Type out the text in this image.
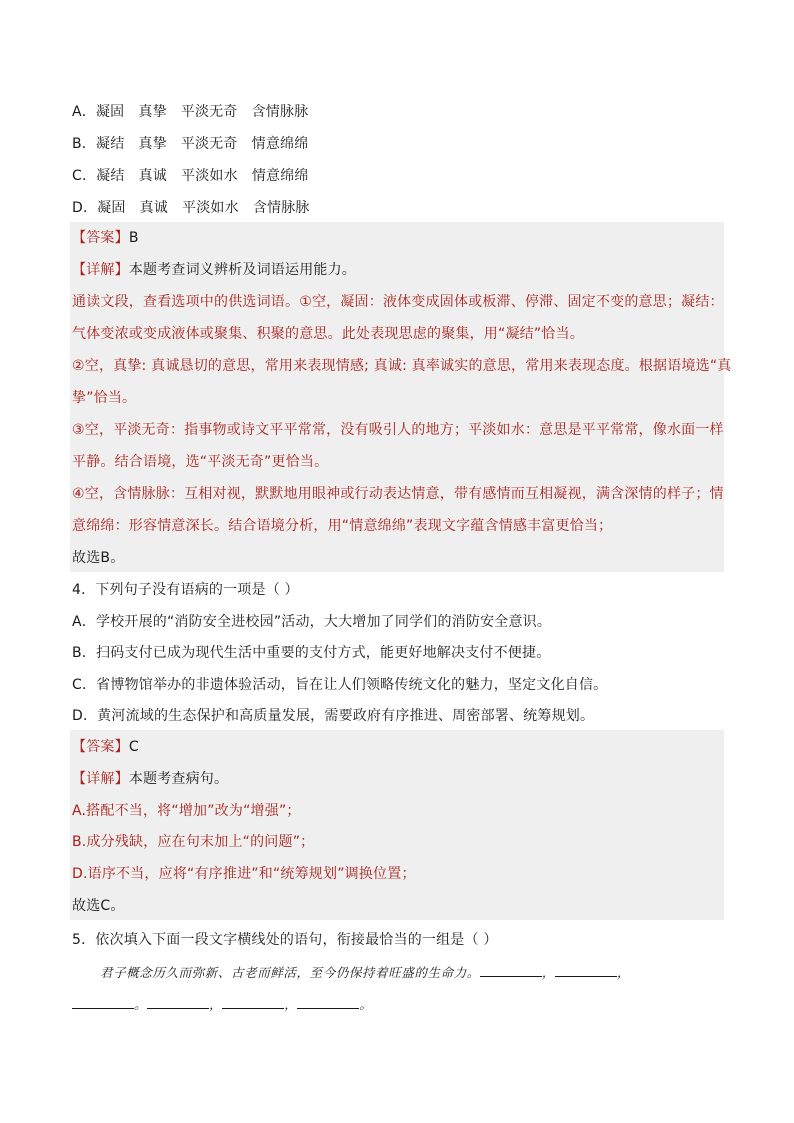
A．凝固 真挚 平淡无奇 含情脉脉
B．凝结 真挚 平淡无奇 情意绵绵
C．凝结 真诚 平淡如水 情意绵绵
D．凝固 真诚 平淡如水 含情脉脉
【答案】B
【详解】本题考查词义辨析及词语运用能力。
通读文段，查看选项中的供选词语。①空，凝固：液体变成固体或板滞、停滞、固定不变的意思；凝结：
气体变浓或变成液体或聚集、积聚的意思。此处表现思虑的聚集，用“凝结”恰当。
②空，真挚: 真诚恳切的意思，常用来表现情感; 真诚: 真率诚实的意思，常用来表现态度。根据语境选“真
挚”恰当。
③空，平淡无奇：指事物或诗文平平常常，没有吸引人的地方；平淡如水：意思是平平常常，像水面一样
平静。结合语境，选“平淡无奇”更恰当。
④空，含情脉脉：互相对视，默默地用眼神或行动表达情意，带有感情而互相凝视，满含深情的样子；情
意绵绵：形容情意深长。结合语境分析，用“情意绵绵”表现文字蕴含情感丰富更恰当；
故选B。
4．下列句子没有语病的一项是（ ）
A．学校开展的“消防安全进校园”活动，大大增加了同学们的消防安全意识。
B．扫码支付已成为现代生活中重要的支付方式，能更好地解决支付不便捷。
C．省博物馆举办的非遗体验活动，旨在让人们领略传统文化的魅力，坚定文化自信。
D．黄河流域的生态保护和高质量发展，需要政府有序推进、周密部署、统筹规划。
【答案】C
【详解】本题考查病句。
A.搭配不当，将“增加”改为“增强”；
B.成分残缺，应在句末加上“的问题”；
D.语序不当，应将“有序推进”和“统筹规划”调换位置；
故选C。
5．依次填入下面一段文字横线处的语句，衔接最恰当的一组是（ ）
君子概念历久而弥新、古老而鲜活，至今仍保持着旺盛的生命力。	，	，
。	，	，	。
